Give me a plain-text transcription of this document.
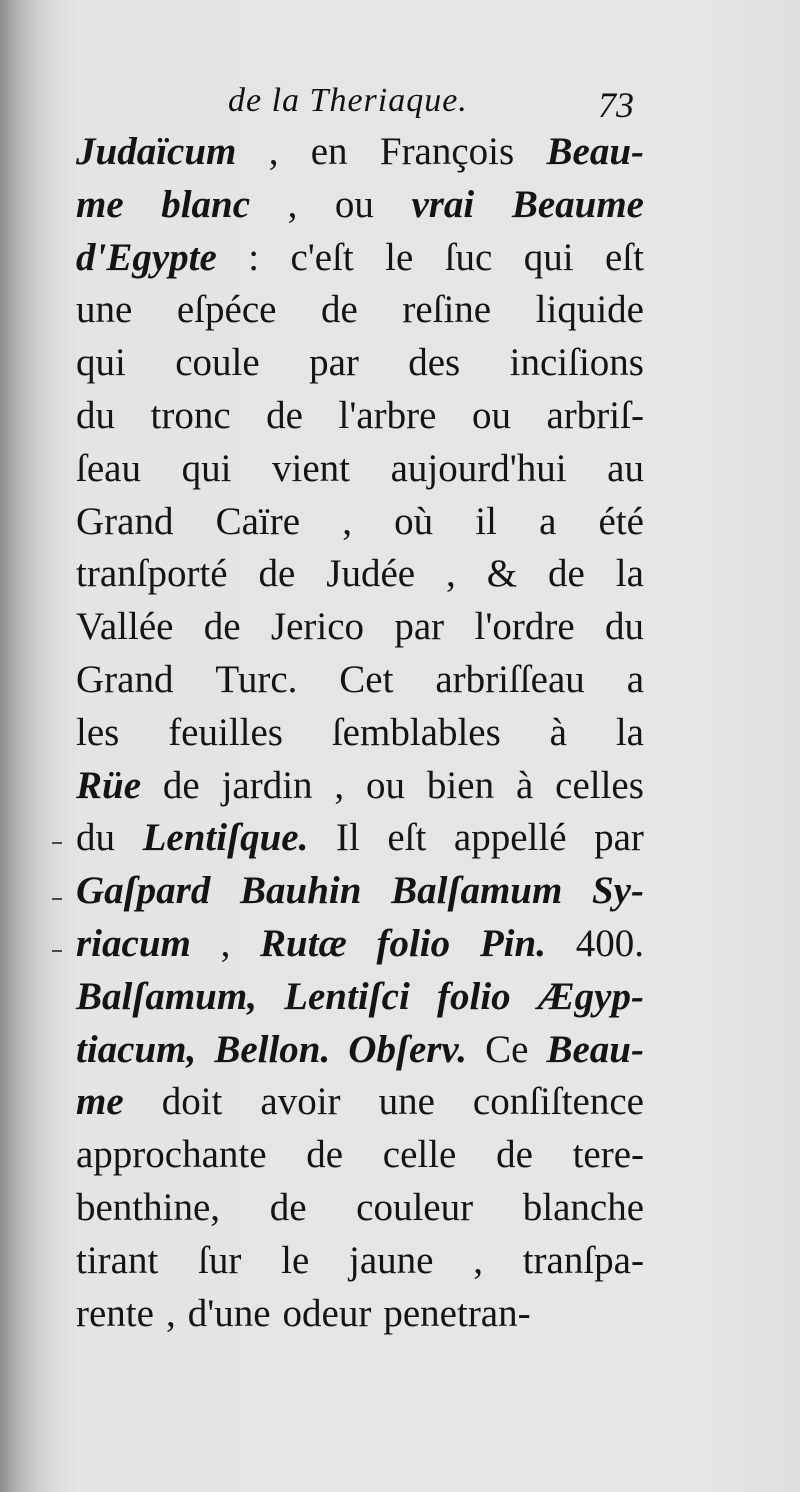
de la Theriaque.	73
Judaïcum , en François Beau-
me blanc , ou vrai Beaume
d'Egypte : c'eſt le ſuc qui eſt
une eſpéce de reſine liquide
qui coule par des inciſions
du tronc de l'arbre ou arbriſ-
ſeau qui vient aujourd'hui au
Grand Caïre , où il a été
tranſporté de Judée , & de la
Vallée de Jerico par l'ordre du
Grand Turc. Cet arbriſſeau a
les feuilles ſemblables à la
Rüe de jardin , ou bien à celles
du Lentiſque. Il eſt appellé par
Gaſpard Bauhin Balſamum Sy-
riacum , Rutæ folio Pin. 400.
Balſamum, Lentiſci folio Ægyp-
tiacum, Bellon. Obſerv. Ce Beau-
me doit avoir une conſiſtence
approchante de celle de tere-
benthine, de couleur blanche
tirant ſur le jaune , tranſpa-
rente , d'une odeur penetran-
